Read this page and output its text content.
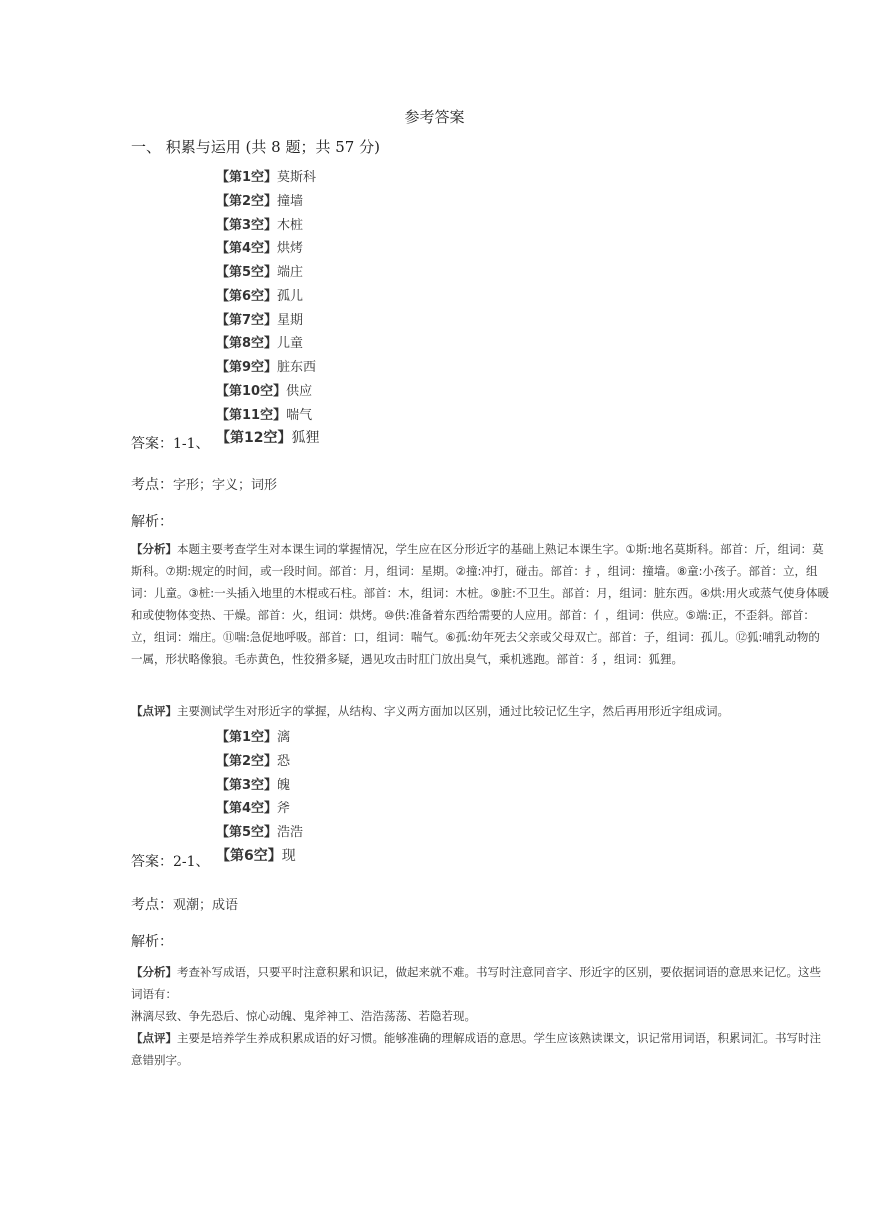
参考答案
一、 积累与运用 (共 8 题；共 57 分)
【第1空】莫斯科
【第2空】撞墙
【第3空】木桩
【第4空】烘烤
【第5空】端庄
【第6空】孤儿
【第7空】星期
【第8空】儿童
【第9空】脏东西
【第10空】供应
【第11空】喘气
【第12空】狐狸
答案：1-1、
考点：字形；字义；词形
解析：

【分析】本题主要考查学生对本课生词的掌握情况，学生应在区分形近字的基础上熟记本课生字。①斯:地名莫斯科。部首：斤，组词：莫斯科。⑦期:规定的时间，或一段时间。部首：月，组词：星期。②撞:冲打，碰击。部首：扌，组词：撞墙。⑧童:小孩子。部首：立，组词：儿童。③桩:一头插入地里的木棍或石柱。部首：木，组词：木桩。⑨脏:不卫生。部首：月，组词：脏东西。④烘:用火或蒸气使身体暖和或使物体变热、干燥。部首：火，组词：烘烤。⑩供:准备着东西给需要的人应用。部首：亻，组词：供应。⑤端:正，不歪斜。部首：立，组词：端庄。⑪喘:急促地呼吸。部首：口，组词：喘气。⑥孤:幼年死去父亲或父母双亡。部首：子，组词：孤儿。⑫狐:哺乳动物的一属，形状略像狼。毛赤黄色，性狡猾多疑，遇见攻击时肛门放出臭气，乘机逃跑。部首：犭，组词：狐狸。

【点评】主要测试学生对形近字的掌握，从结构、字义两方面加以区别，通过比较记忆生字，然后再用形近字组成词。

【第1空】漓
【第2空】恐
【第3空】魄
【第4空】斧
【第5空】浩浩
【第6空】现
答案：2-1、
考点：观潮；成语
解析：
【分析】考查补写成语，只要平时注意积累和识记，做起来就不难。书写时注意同音字、形近字的区别，要依据词语的意思来记忆。这些词语有：
淋漓尽致、争先恐后、惊心动魄、鬼斧神工、浩浩荡荡、若隐若现。
【点评】主要是培养学生养成积累成语的好习惯。能够准确的理解成语的意思。学生应该熟读课文，识记常用词语，积累词汇。书写时注意错别字。
